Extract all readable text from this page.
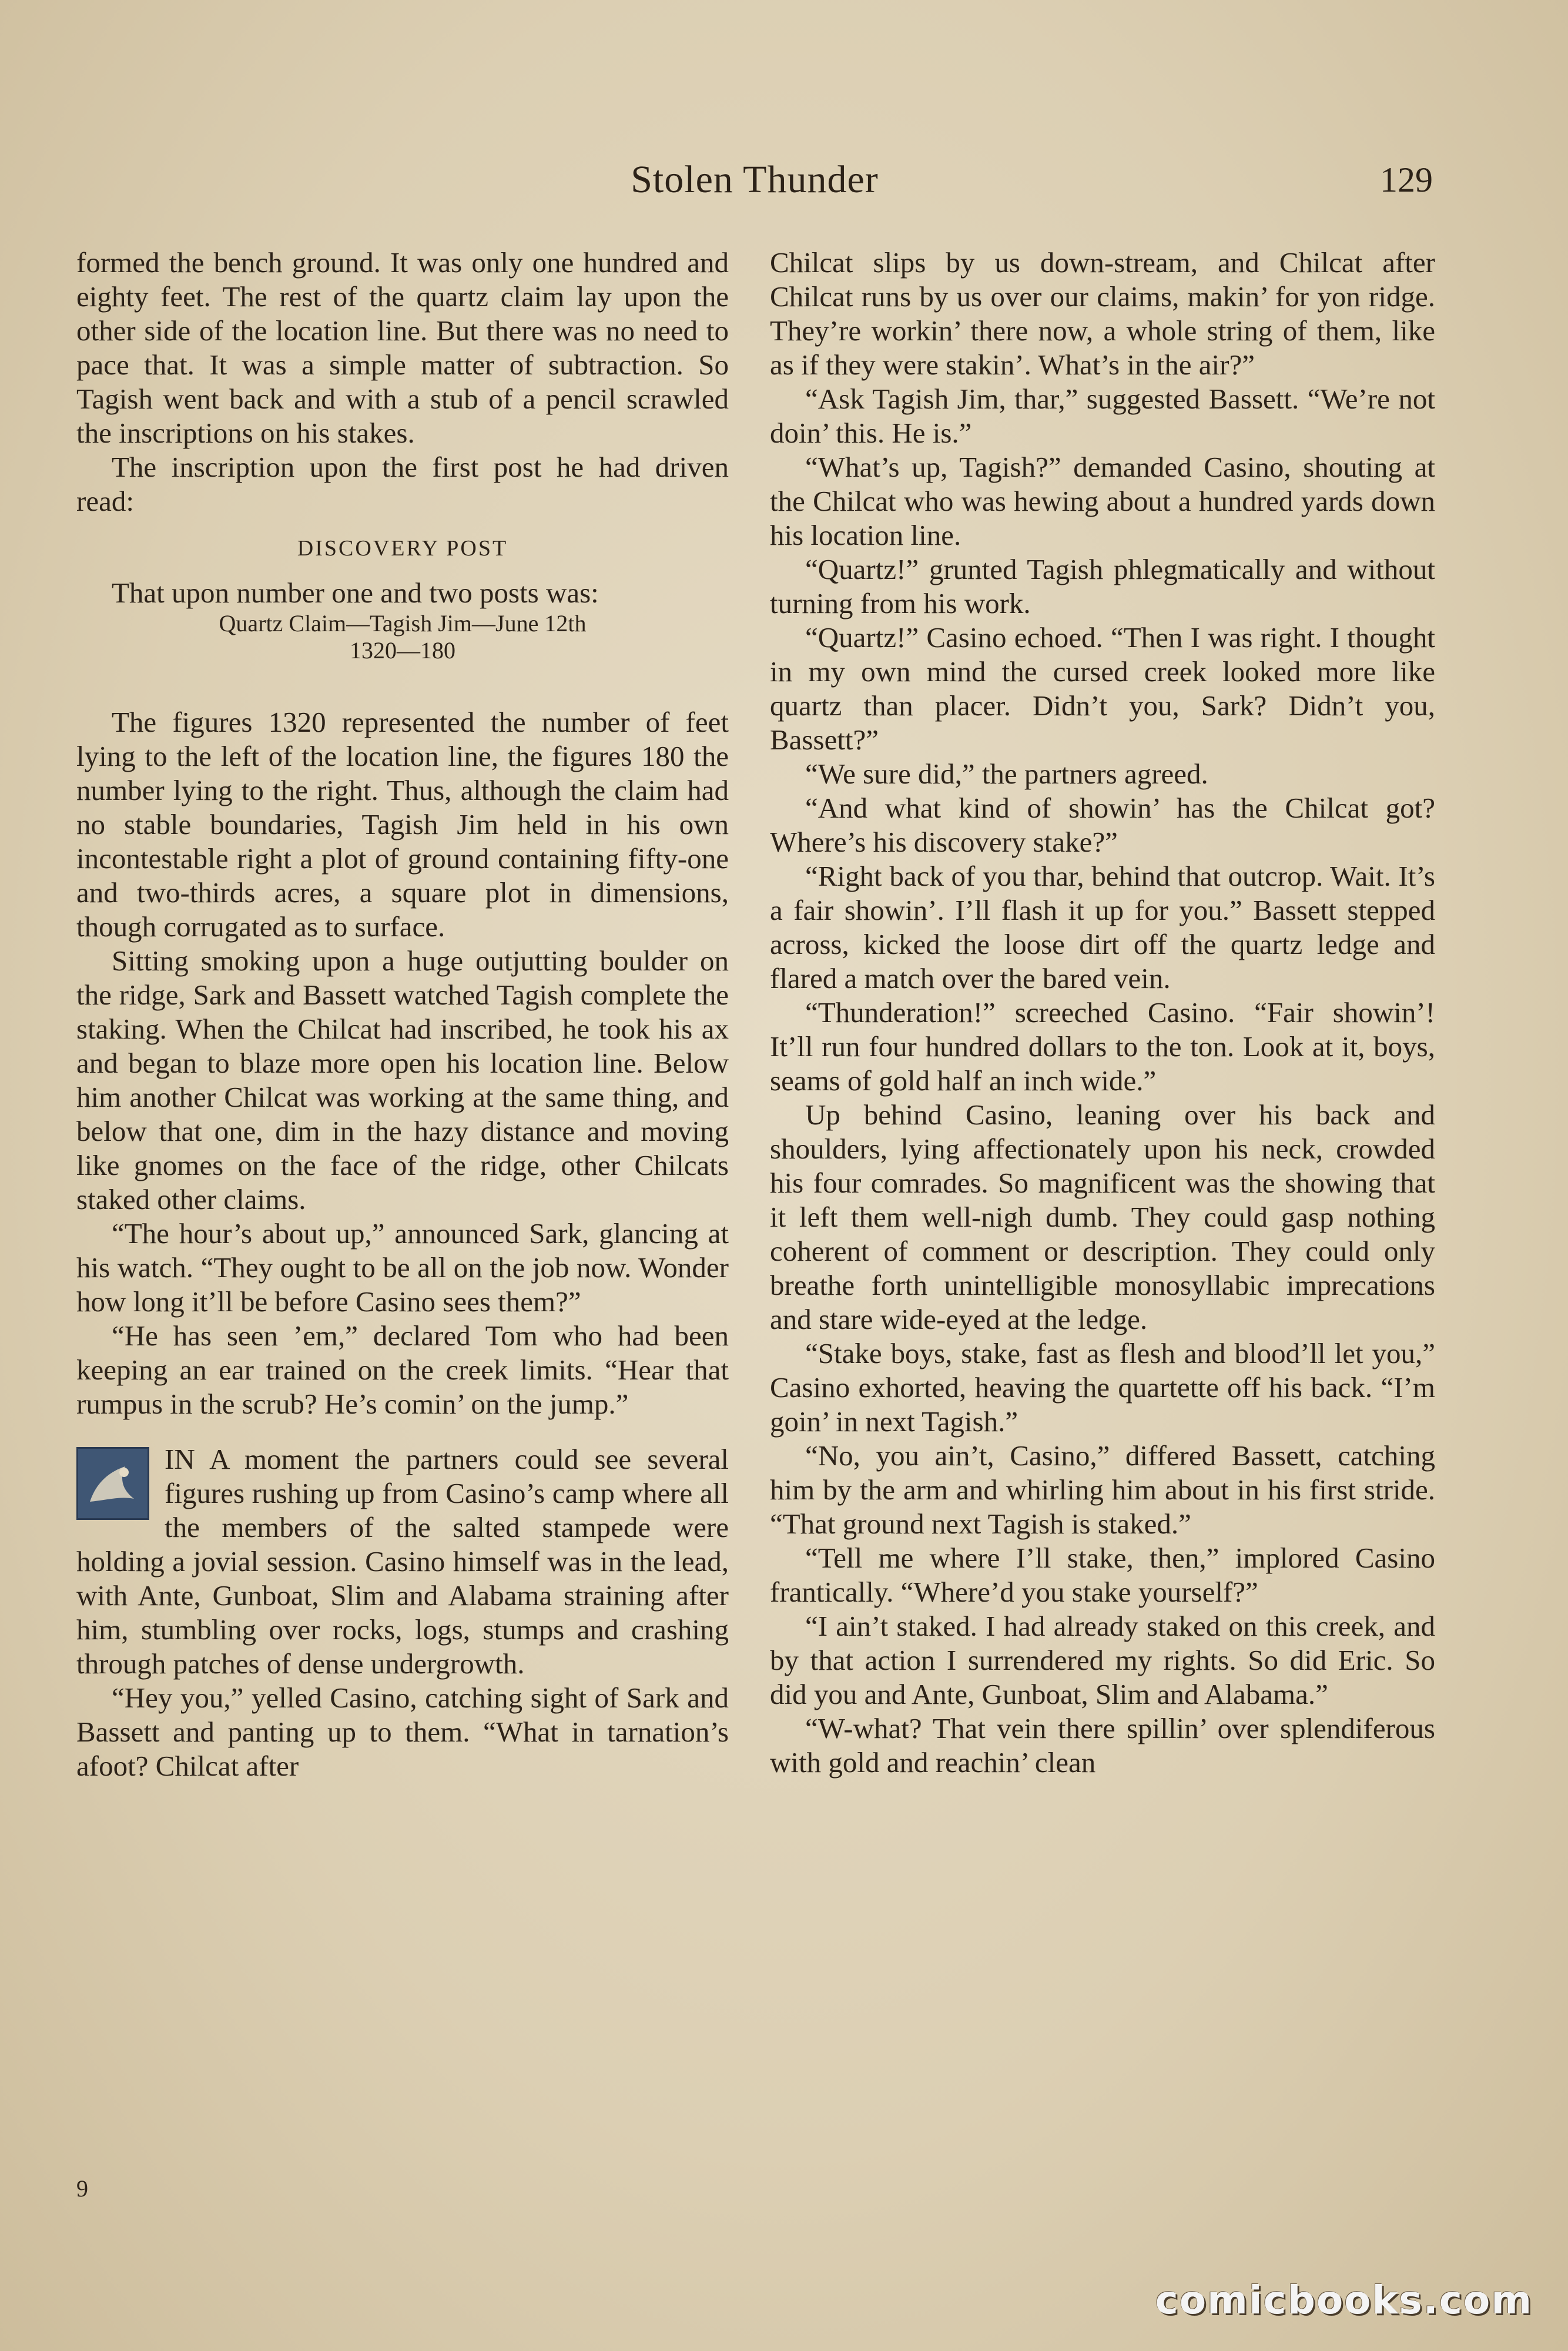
Stolen Thunder	129

formed the bench ground. It was only one hundred and eighty feet. The rest of the quartz claim lay upon the other side of the location line. But there was no need to pace that. It was a simple matter of subtraction. So Tagish went back and with a stub of a pencil scrawled the inscriptions on his stakes.

The inscription upon the first post he had driven read:

DISCOVERY POST

That upon number one and two posts was:

Quartz Claim—Tagish Jim—June 12th
1320—180

The figures 1320 represented the number of feet lying to the left of the location line, the figures 180 the number lying to the right. Thus, although the claim had no stable boundaries, Tagish Jim held in his own incontestable right a plot of ground containing fifty-one and two-thirds acres, a square plot in dimensions, though corrugated as to surface.

Sitting smoking upon a huge outjutting boulder on the ridge, Sark and Bassett watched Tagish complete the staking. When the Chilcat had inscribed, he took his ax and began to blaze more open his location line. Below him another Chilcat was working at the same thing, and below that one, dim in the hazy distance and moving like gnomes on the face of the ridge, other Chilcats staked other claims.

“The hour’s about up,” announced Sark, glancing at his watch. “They ought to be all on the job now. Wonder how long it’ll be before Casino sees them?”

“He has seen ’em,” declared Tom who had been keeping an ear trained on the creek limits. “Hear that rumpus in the scrub? He’s comin’ on the jump.”

IN A moment the partners could see several figures rushing up from Casino’s camp where all the members of the salted stampede were holding a jovial session. Casino himself was in the lead, with Ante, Gunboat, Slim and Alabama straining after him, stumbling over rocks, logs, stumps and crashing through patches of dense undergrowth.

“Hey you,” yelled Casino, catching sight of Sark and Bassett and panting up to them. “What in tarnation’s afoot? Chilcat after

9

Chilcat slips by us down-stream, and Chilcat after Chilcat runs by us over our claims, makin’ for yon ridge. They’re workin’ there now, a whole string of them, like as if they were stakin’. What’s in the air?”

“Ask Tagish Jim, thar,” suggested Bassett. “We’re not doin’ this. He is.”

“What’s up, Tagish?” demanded Casino, shouting at the Chilcat who was hewing about a hundred yards down his location line.

“Quartz!” grunted Tagish phlegmatically and without turning from his work.

“Quartz!” Casino echoed. “Then I was right. I thought in my own mind the cursed creek looked more like quartz than placer. Didn’t you, Sark? Didn’t you, Bassett?”

“We sure did,” the partners agreed.

“And what kind of showin’ has the Chilcat got? Where’s his discovery stake?”

“Right back of you thar, behind that outcrop. Wait. It’s a fair showin’. I’ll flash it up for you.” Bassett stepped across, kicked the loose dirt off the quartz ledge and flared a match over the bared vein.

“Thunderation!” screeched Casino. “Fair showin’! It’ll run four hundred dollars to the ton. Look at it, boys, seams of gold half an inch wide.”

Up behind Casino, leaning over his back and shoulders, lying affectionately upon his neck, crowded his four comrades. So magnificent was the showing that it left them well-nigh dumb. They could gasp nothing coherent of comment or description. They could only breathe forth unintelligible monosyllabic imprecations and stare wide-eyed at the ledge.

“Stake boys, stake, fast as flesh and blood’ll let you,” Casino exhorted, heaving the quartette off his back. “I’m goin’ in next Tagish.”

“No, you ain’t, Casino,” differed Bassett, catching him by the arm and whirling him about in his first stride. “That ground next Tagish is staked.”

“Tell me where I’ll stake, then,” implored Casino frantically. “Where’d you stake yourself?”

“I ain’t staked. I had already staked on this creek, and by that action I surrendered my rights. So did Eric. So did you and Ante, Gunboat, Slim and Alabama.”

“W-what? That vein there spillin’ over splendiferous with gold and reachin’ clean

comicbooks.com
